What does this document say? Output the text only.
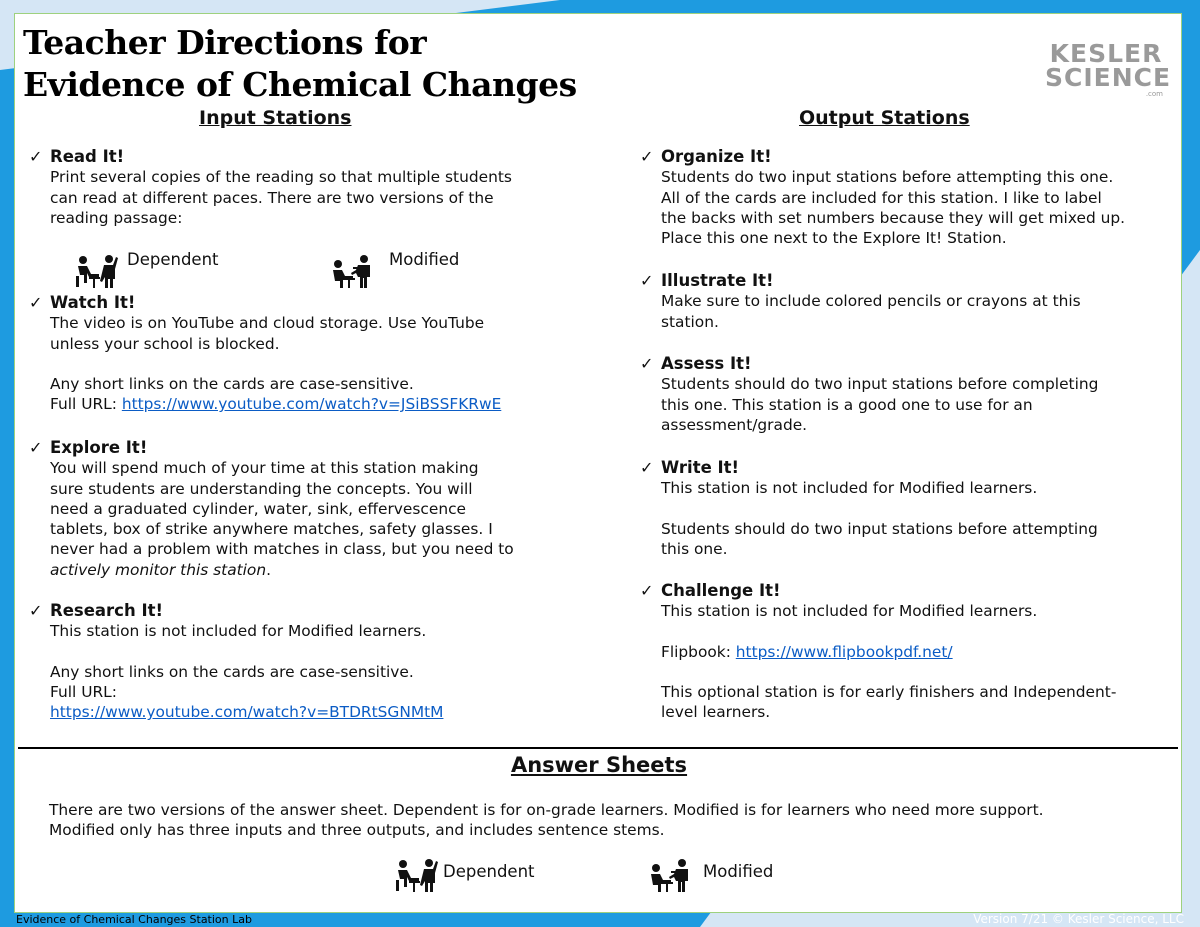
Teacher Directions for
Evidence of Chemical Changes
KESLER
SCIENCE
.com
Input Stations
✓ Read It!
Print several copies of the reading so that multiple students
can read at different paces. There are two versions of the
reading passage:
Dependent	Modified
✓ Watch It!
The video is on YouTube and cloud storage. Use YouTube
unless your school is blocked.
Any short links on the cards are case-sensitive.
Full URL: https://www.youtube.com/watch?v=JSiBSSFKRwE
✓ Explore It!
You will spend much of your time at this station making
sure students are understanding the concepts. You will
need a graduated cylinder, water, sink, effervescence
tablets, box of strike anywhere matches, safety glasses. I
never had a problem with matches in class, but you need to
actively monitor this station.
✓ Research It!
This station is not included for Modified learners.
Any short links on the cards are case-sensitive.
Full URL:
https://www.youtube.com/watch?v=BTDRtSGNMtM
Output Stations
✓ Organize It!
Students do two input stations before attempting this one.
All of the cards are included for this station. I like to label
the backs with set numbers because they will get mixed up.
Place this one next to the Explore It! Station.
✓ Illustrate It!
Make sure to include colored pencils or crayons at this
station.
✓ Assess It!
Students should do two input stations before completing
this one. This station is a good one to use for an
assessment/grade.
✓ Write It!
This station is not included for Modified learners.
Students should do two input stations before attempting
this one.
✓ Challenge It!
This station is not included for Modified learners.
Flipbook: https://www.flipbookpdf.net/
This optional station is for early finishers and Independent-
level learners.
Answer Sheets
There are two versions of the answer sheet. Dependent is for on-grade learners. Modified is for learners who need more support.
Modified only has three inputs and three outputs, and includes sentence stems.
Dependent	Modified
Evidence of Chemical Changes Station Lab	Version 7/21 © Kesler Science, LLC
